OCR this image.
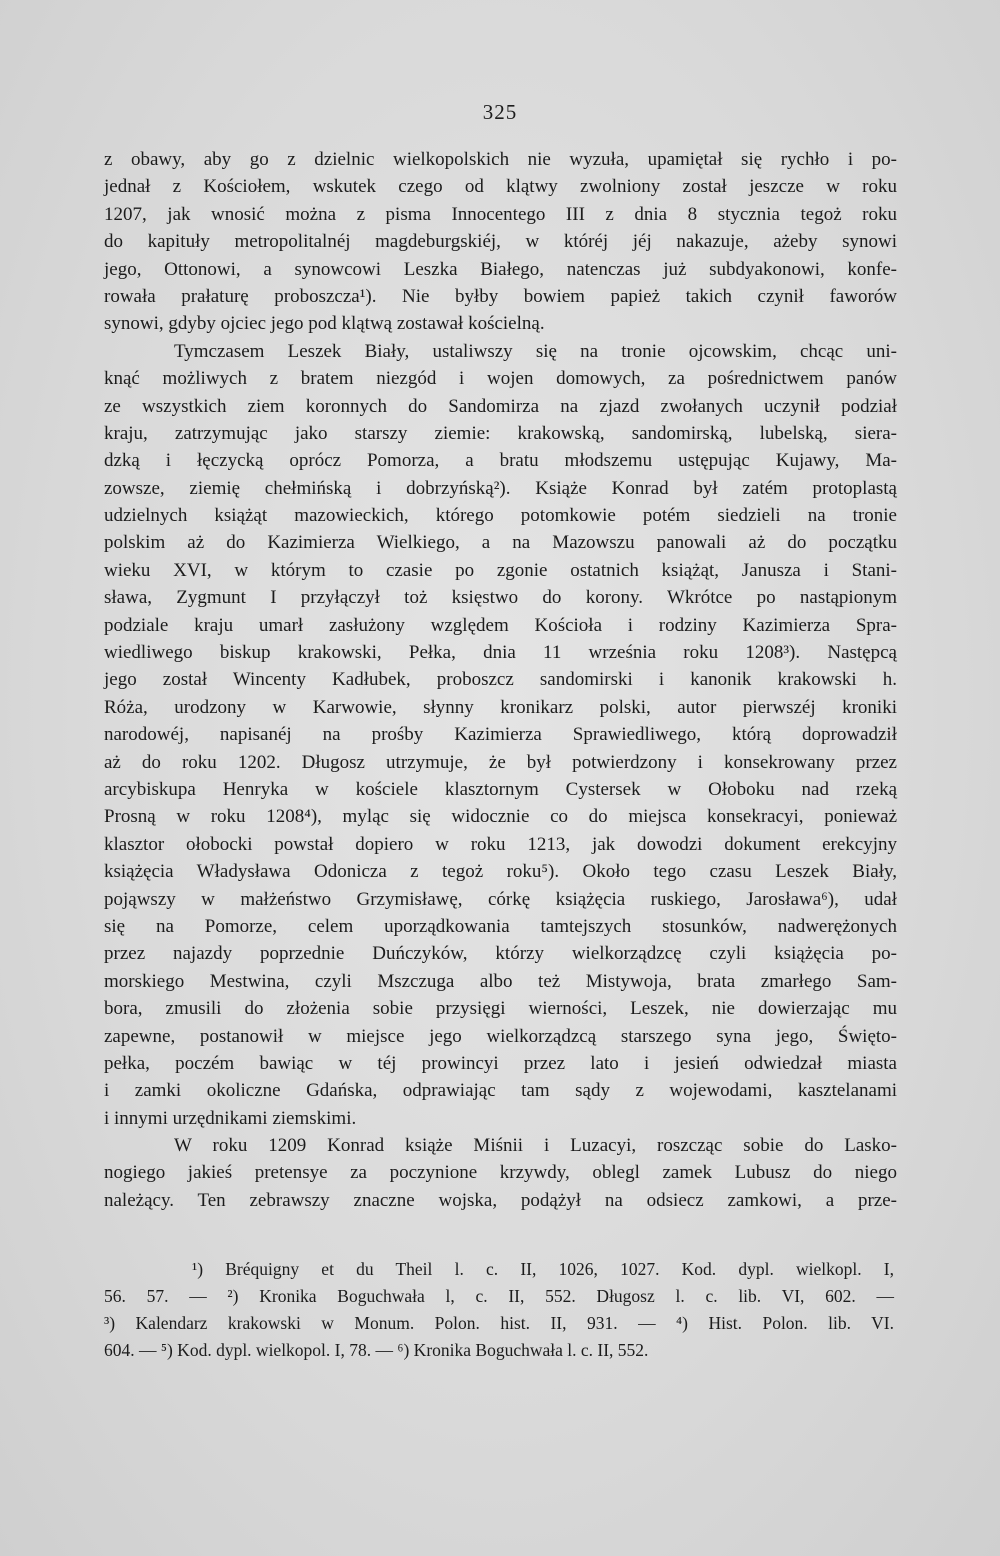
325
z obawy, aby go z dzielnic wielkopolskich nie wyzuła, upamiętał się rychło i po-
jednał z Kościołem, wskutek czego od klątwy zwolniony został jeszcze w roku
1207, jak wnosić można z pisma Innocentego III z dnia 8 stycznia tegoż roku
do kapituły metropolitalnéj magdeburgskiéj, w któréj jéj nakazuje, ażeby synowi
jego, Ottonowi, a synowcowi Leszka Białego, natenczas już subdyakonowi, konfe-
rowała prałaturę proboszcza¹). Nie byłby bowiem papież takich czynił faworów
synowi, gdyby ojciec jego pod klątwą zostawał kościelną.
Tymczasem Leszek Biały, ustaliwszy się na tronie ojcowskim, chcąc uni-
knąć możliwych z bratem niezgód i wojen domowych, za pośrednictwem panów
ze wszystkich ziem koronnych do Sandomirza na zjazd zwołanych uczynił podział
kraju, zatrzymując jako starszy ziemie: krakowską, sandomirską, lubelską, siera-
dzką i łęczycką oprócz Pomorza, a bratu młodszemu ustępując Kujawy, Ma-
zowsze, ziemię chełmińską i dobrzyńską²). Książe Konrad był zatém protoplastą
udzielnych książąt mazowieckich, którego potomkowie potém siedzieli na tronie
polskim aż do Kazimierza Wielkiego, a na Mazowszu panowali aż do początku
wieku XVI, w którym to czasie po zgonie ostatnich książąt, Janusza i Stani-
sława, Zygmunt I przyłączył toż księstwo do korony. Wkrótce po nastąpionym
podziale kraju umarł zasłużony względem Kościoła i rodziny Kazimierza Spra-
wiedliwego biskup krakowski, Pełka, dnia 11 września roku 1208³). Następcą
jego został Wincenty Kadłubek, proboszcz sandomirski i kanonik krakowski h.
Róża, urodzony w Karwowie, słynny kronikarz polski, autor pierwszéj kroniki
narodowéj, napisanéj na prośby Kazimierza Sprawiedliwego, którą doprowadził
aż do roku 1202. Długosz utrzymuje, że był potwierdzony i konsekrowany przez
arcybiskupa Henryka w kościele klasztornym Cystersek w Ołoboku nad rzeką
Prosną w roku 1208⁴), myląc się widocznie co do miejsca konsekracyi, ponieważ
klasztor ołobocki powstał dopiero w roku 1213, jak dowodzi dokument erekcyjny
książęcia Władysława Odonicza z tegoż roku⁵). Około tego czasu Leszek Biały,
pojąwszy w małżeństwo Grzymisławę, córkę książęcia ruskiego, Jarosława⁶), udał
się na Pomorze, celem uporządkowania tamtejszych stosunków, nadwerężonych
przez najazdy poprzednie Duńczyków, którzy wielkorządzcę czyli książęcia po-
morskiego Mestwina, czyli Mszczuga albo też Mistywoja, brata zmarłego Sam-
bora, zmusili do złożenia sobie przysięgi wierności, Leszek, nie dowierzając mu
zapewne, postanowił w miejsce jego wielkorządzcą starszego syna jego, Święto-
pełka, poczém bawiąc w téj prowincyi przez lato i jesień odwiedzał miasta
i zamki okoliczne Gdańska, odprawiając tam sądy z wojewodami, kasztelanami
i innymi urzędnikami ziemskimi.
W roku 1209 Konrad książe Miśnii i Luzacyi, roszcząc sobie do Lasko-
nogiego jakieś pretensye za poczynione krzywdy, oblegl zamek Lubusz do niego
należący. Ten zebrawszy znaczne wojska, podążył na odsiecz zamkowi, a prze-
¹) Bréquigny et du Theil l. c. II, 1026, 1027. Kod. dypl. wielkopl. I,
56. 57. — ²) Kronika Boguchwała l, c. II, 552. Długosz l. c. lib. VI, 602. —
³) Kalendarz krakowski w Monum. Polon. hist. II, 931. — ⁴) Hist. Polon. lib. VI.
604. — ⁵) Kod. dypl. wielkopol. I, 78. — ⁶) Kronika Boguchwała l. c. II, 552.
